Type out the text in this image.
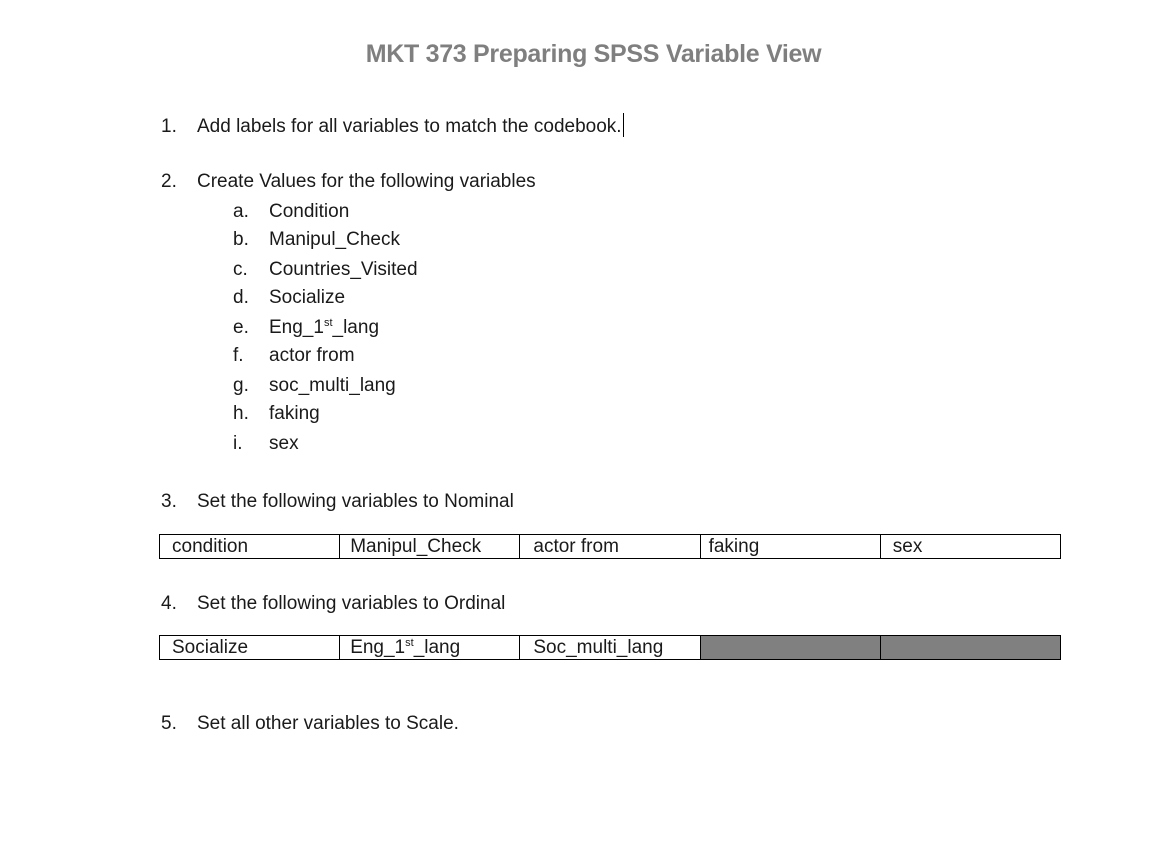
MKT 373 Preparing SPSS Variable View
1. Add labels for all variables to match the codebook.
2. Create Values for the following variables
a. Condition
b. Manipul_Check
c. Countries_Visited
d. Socialize
e. Eng_1st_lang
f. actor from
g. soc_multi_lang
h. faking
i. sex
3. Set the following variables to Nominal
condition	Manipul_Check	actor from	faking	sex
4. Set the following variables to Ordinal
Socialize	Eng_1st_lang	Soc_multi_lang		
5. Set all other variables to Scale.
